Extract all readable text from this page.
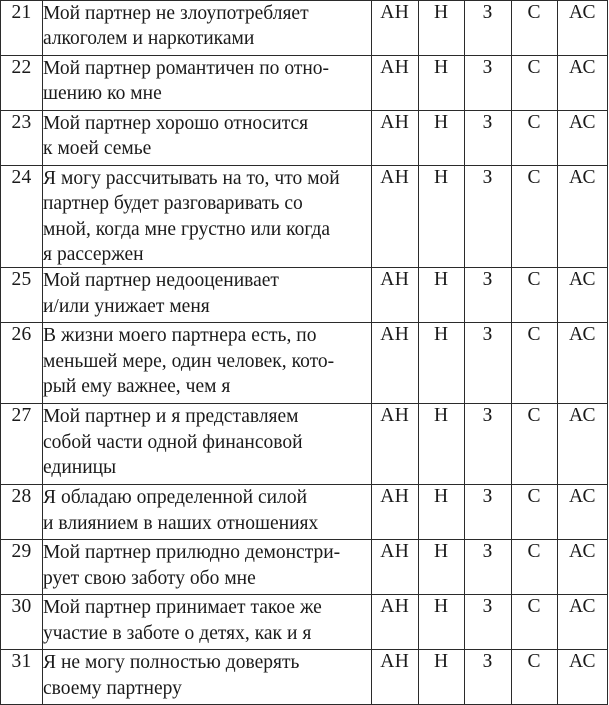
21	Мой партнер не злоупотребляет
алкоголем и наркотиками	АН	Н	З	С	АС
22	Мой партнер романтичен по отно-
шению ко мне	АН	Н	З	С	АС
23	Мой партнер хорошо относится
к моей семье	АН	Н	З	С	АС
24	Я могу рассчитывать на то, что мой
партнер будет разговаривать со
мной, когда мне грустно или когда
я рассержен	АН	Н	З	С	АС
25	Мой партнер недооценивает
и/или унижает меня	АН	Н	З	С	АС
26	В жизни моего партнера есть, по
меньшей мере, один человек, кото-
рый ему важнее, чем я	АН	Н	З	С	АС
27	Мой партнер и я представляем
собой части одной финансовой
единицы	АН	Н	З	С	АС
28	Я обладаю определенной силой
и влиянием в наших отношениях	АН	Н	З	С	АС
29	Мой партнер прилюдно демонстри-
рует свою заботу обо мне	АН	Н	З	С	АС
30	Мой партнер принимает такое же
участие в заботе о детях, как и я	АН	Н	З	С	АС
31	Я не могу полностью доверять
своему партнеру	АН	Н	З	С	АС
